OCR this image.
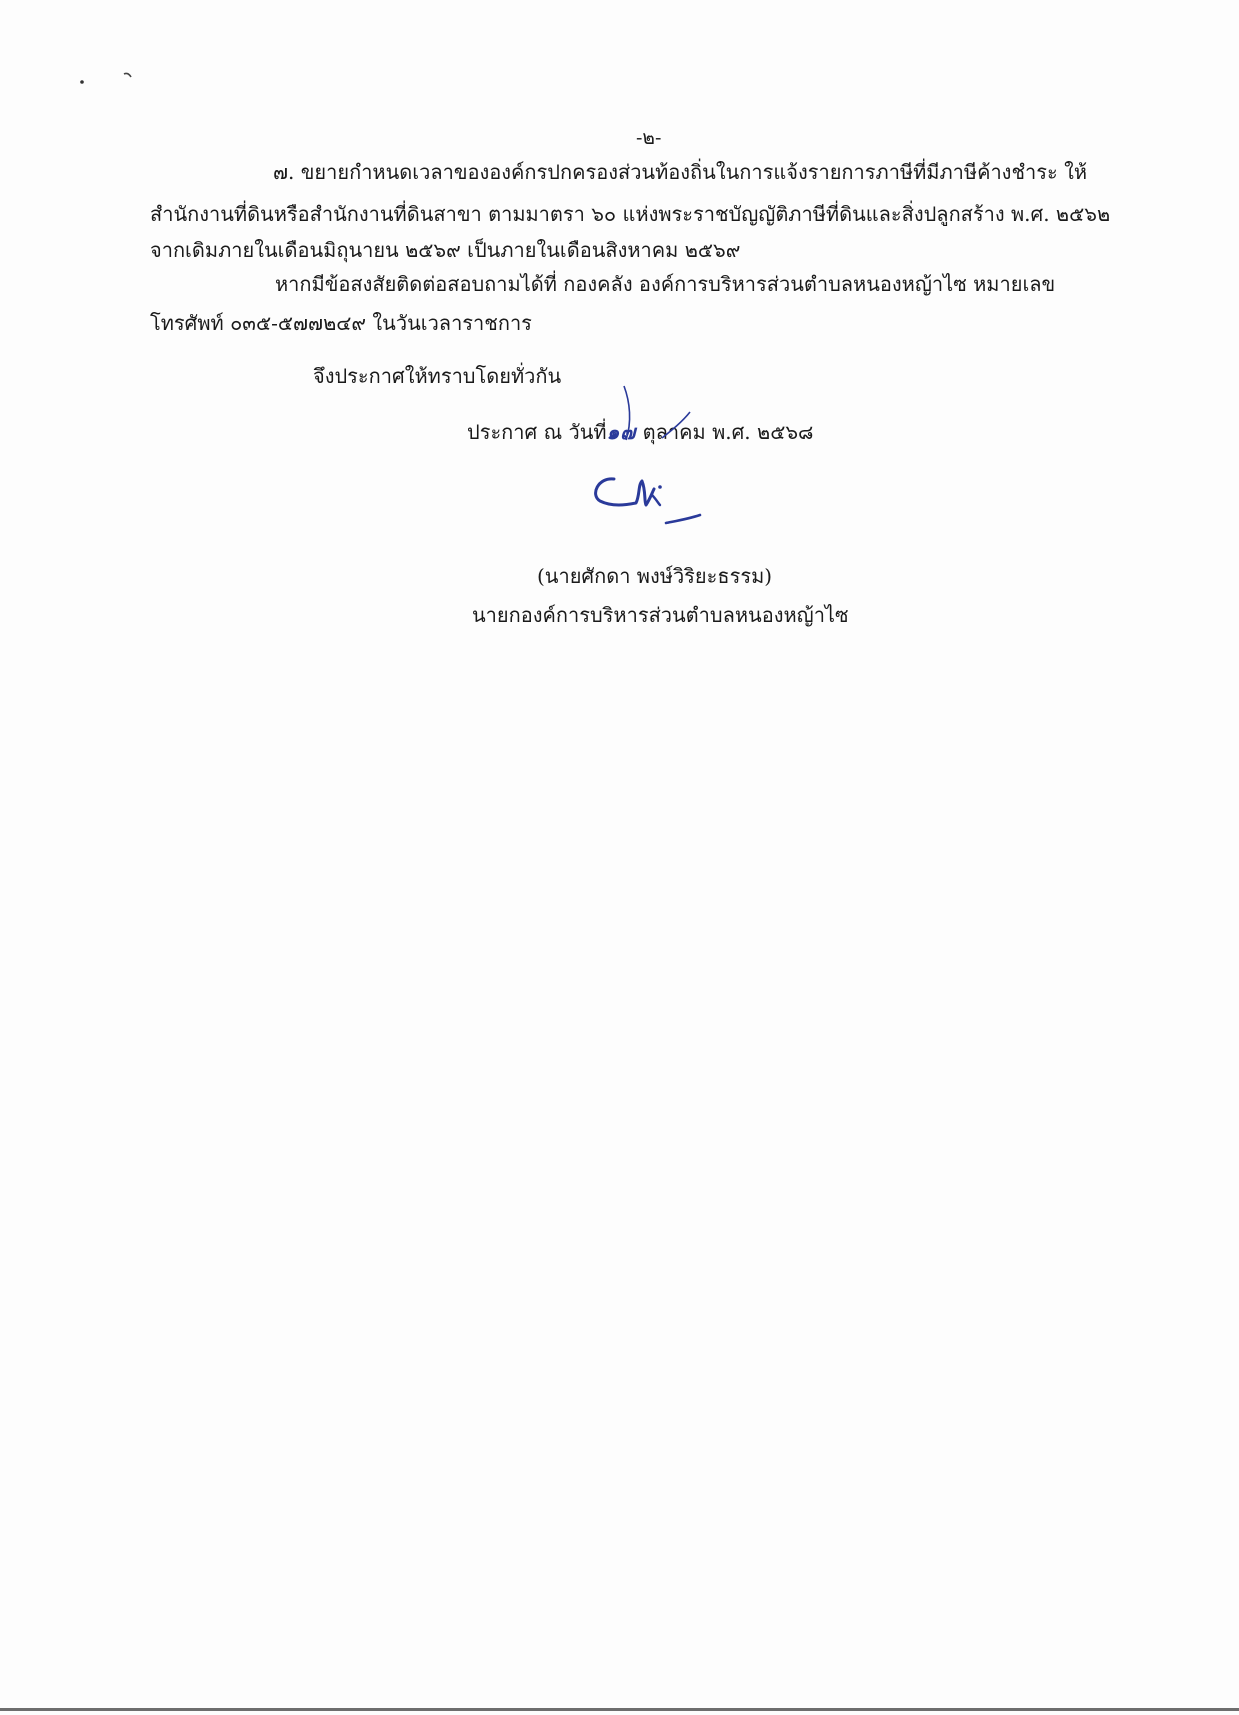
-๒-
๗. ขยายกำหนดเวลาขององค์กรปกครองส่วนท้องถิ่นในการแจ้งรายการภาษีที่มีภาษีค้างชำระ ให้
สำนักงานที่ดินหรือสำนักงานที่ดินสาขา ตามมาตรา ๖๐ แห่งพระราชบัญญัติภาษีที่ดินและสิ่งปลูกสร้าง พ.ศ. ๒๕๖๒
จากเดิมภายในเดือนมิถุนายน ๒๕๖๙ เป็นภายในเดือนสิงหาคม ๒๕๖๙
หากมีข้อสงสัยติดต่อสอบถามได้ที่ กองคลัง องค์การบริหารส่วนตำบลหนองหญ้าไซ หมายเลข
โทรศัพท์ ๐๓๕-๕๗๗๒๔๙ ในวันเวลาราชการ
จึงประกาศให้ทราบโดยทั่วกัน
ประกาศ ณ วันที่๑๗ ตุลาคม พ.ศ. ๒๕๖๘
(นายศักดา พงษ์วิริยะธรรม)
นายกองค์การบริหารส่วนตำบลหนองหญ้าไซ
